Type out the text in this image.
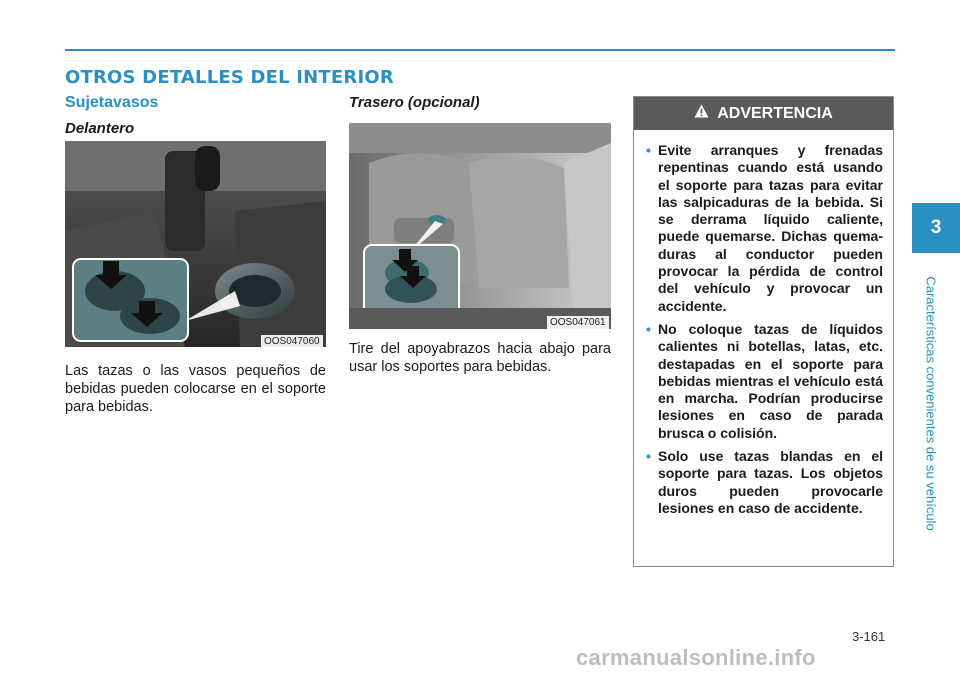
OTROS DETALLES DEL INTERIOR
Sujetavasos
Delantero
OOS047060
Las tazas o las vasos pequeños de bebidas pueden colocarse en el soporte para bebidas.
Trasero (opcional)
OOS047061
Tire del apoyabrazos hacia abajo para usar los soportes para bebidas.
ADVERTENCIA
• Evite arranques y frenadas repentinas cuando está usando el soporte para tazas para evitar las salpicaduras de la bebida. Si se derrama líquido caliente, puede quemarse. Dichas quema-duras al conductor pueden provocar la pérdida de control del vehículo y provocar un accidente.
• No coloque tazas de líquidos calientes ni botellas, latas, etc. destapadas en el soporte para bebidas mientras el vehículo está en marcha. Podrían producirse lesiones en caso de parada brusca o colisión.
• Solo use tazas blandas en el soporte para tazas. Los objetos duros pueden provocarle lesiones en caso de accidente.
3
Características convenientes de su vehículo
3-161
carmanualsonline.info
